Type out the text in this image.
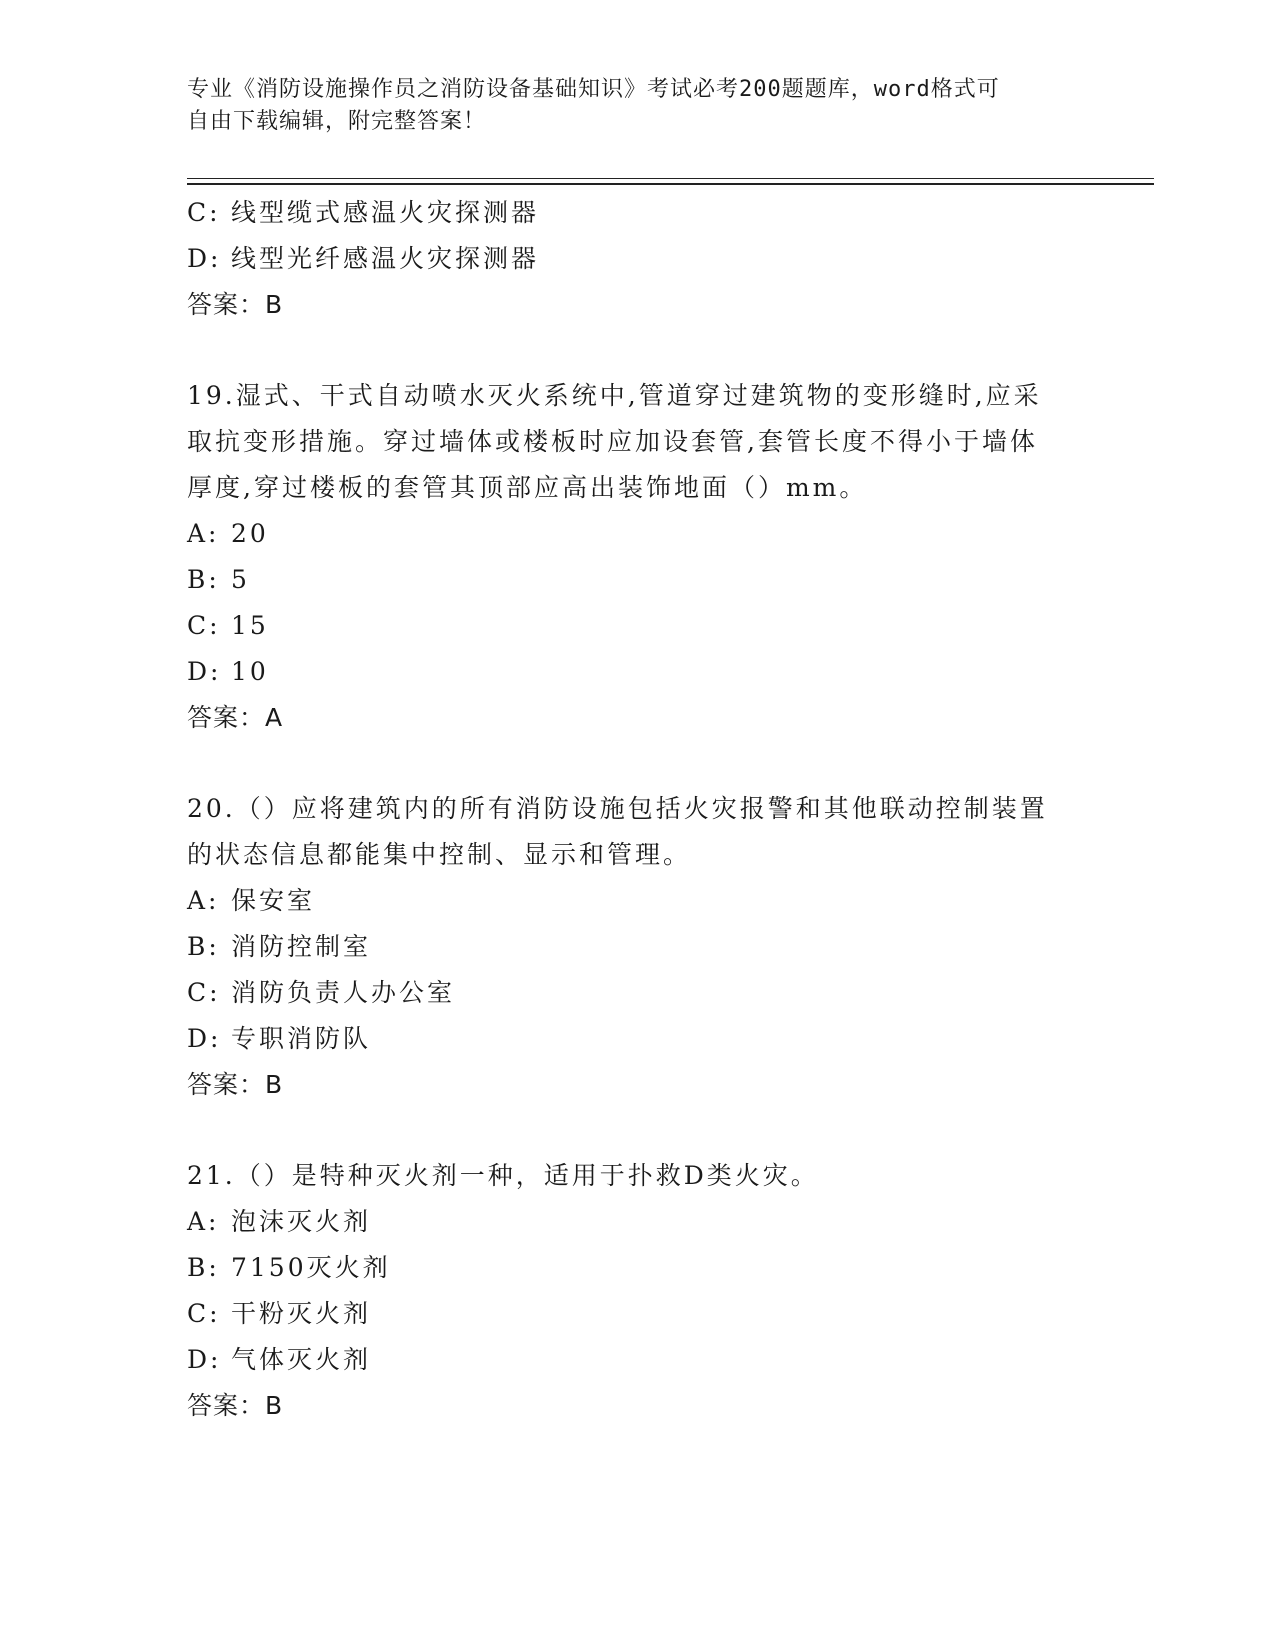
专业《消防设施操作员之消防设备基础知识》考试必考200题题库，word格式可
自由下载编辑，附完整答案！
C: 线型缆式感温火灾探测器
D: 线型光纤感温火灾探测器
答案：B
19.湿式、干式自动喷水灭火系统中,管道穿过建筑物的变形缝时,应采
取抗变形措施。穿过墙体或楼板时应加设套管,套管长度不得小于墙体
厚度,穿过楼板的套管其顶部应高出装饰地面（）mm。
A: 20
B: 5
C: 15
D: 10
答案：A
20.（）应将建筑内的所有消防设施包括火灾报警和其他联动控制装置
的状态信息都能集中控制、显示和管理。
A: 保安室
B: 消防控制室
C: 消防负责人办公室
D: 专职消防队
答案：B
21.（）是特种灭火剂一种，适用于扑救D类火灾。
A: 泡沫灭火剂
B: 7150灭火剂
C: 干粉灭火剂
D: 气体灭火剂
答案：B
